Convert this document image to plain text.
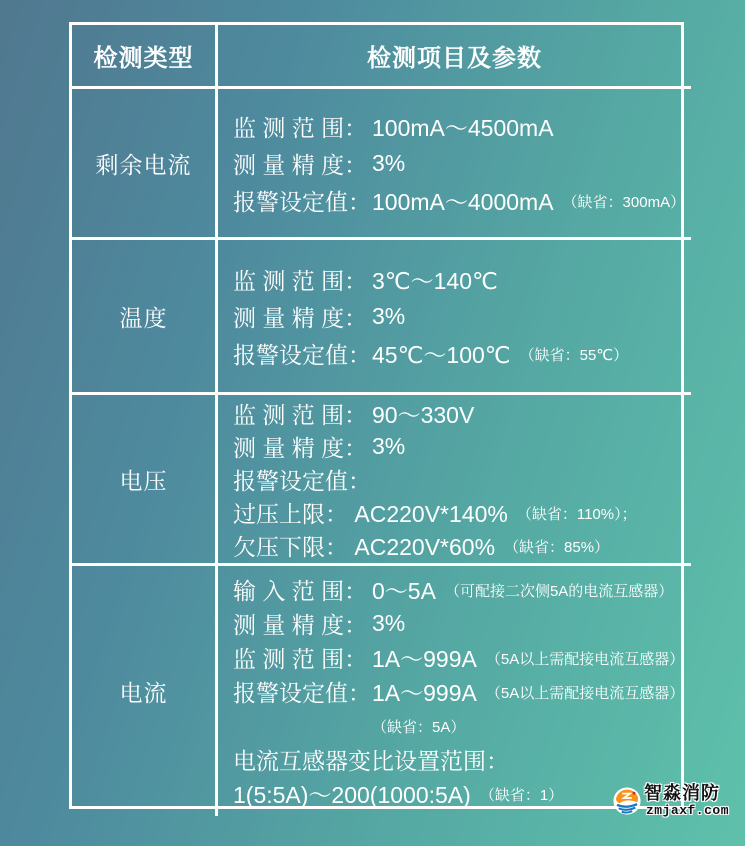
检测类型	检测项目及参数
剩余电流
监 测 范 围： 100mA～4500mA
测 量 精 度： 3%
报警设定值： 100mA～4000mA （缺省：300mA）
温度
监 测 范 围： 3℃～140℃
测 量 精 度： 3%
报警设定值： 45℃～100℃ （缺省：55℃）
电压
监 测 范 围： 90～330V
测 量 精 度： 3%
报警设定值：
过压上限： AC220V*140% （缺省：110%）；
欠压下限： AC220V*60% （缺省：85%）
电流
输 入 范 围： 0～5A （可配接二次侧5A的电流互感器）
测 量 精 度： 3%
监 测 范 围： 1A～999A （5A以上需配接电流互感器）
报警设定值： 1A～999A （5A以上需配接电流互感器）
（缺省：5A）
电流互感器变比设置范围：
1(5:5A)～200(1000:5A) （缺省：1）	智淼消防
zmjaxf.com
